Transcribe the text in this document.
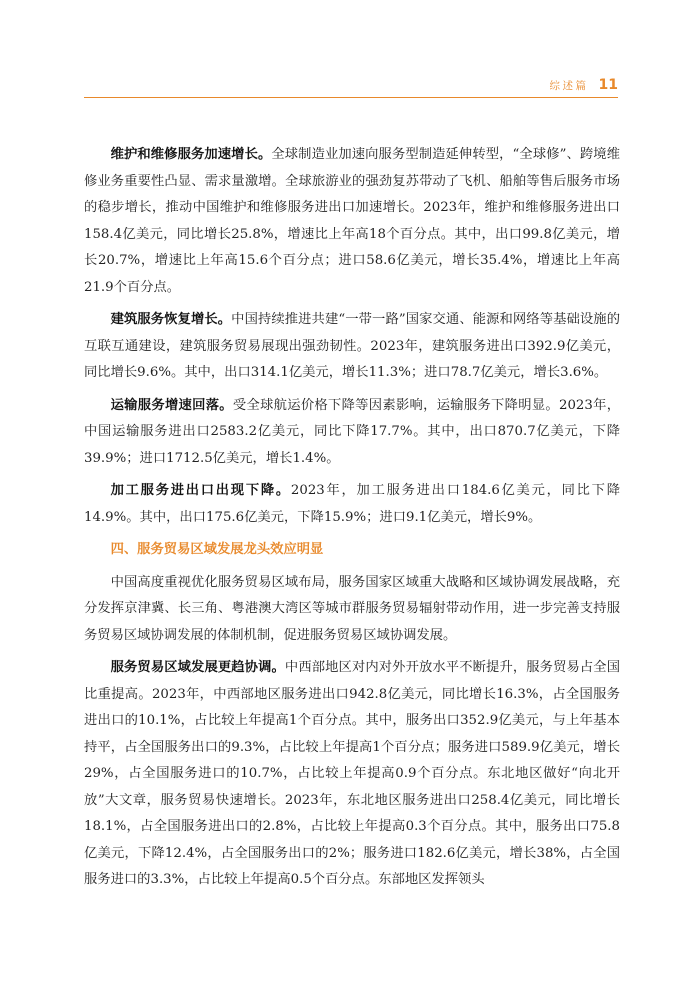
综述篇 11

维护和维修服务加速增长。全球制造业加速向服务型制造延伸转型，“全球修”、跨境维修业务重要性凸显、需求量激增。全球旅游业的强劲复苏带动了飞机、船舶等售后服务市场的稳步增长，推动中国维护和维修服务进出口加速增长。2023年，维护和维修服务进出口158.4亿美元，同比增长25.8%，增速比上年高18个百分点。其中，出口99.8亿美元，增长20.7%，增速比上年高15.6个百分点；进口58.6亿美元，增长35.4%，增速比上年高21.9个百分点。

建筑服务恢复增长。中国持续推进共建“一带一路”国家交通、能源和网络等基础设施的互联互通建设，建筑服务贸易展现出强劲韧性。2023年，建筑服务进出口392.9亿美元，同比增长9.6%。其中，出口314.1亿美元，增长11.3%；进口78.7亿美元，增长3.6%。

运输服务增速回落。受全球航运价格下降等因素影响，运输服务下降明显。2023年，中国运输服务进出口2583.2亿美元，同比下降17.7%。其中，出口870.7亿美元，下降39.9%；进口1712.5亿美元，增长1.4%。

加工服务进出口出现下降。2023年，加工服务进出口184.6亿美元，同比下降14.9%。其中，出口175.6亿美元，下降15.9%；进口9.1亿美元，增长9%。

四、服务贸易区域发展龙头效应明显

中国高度重视优化服务贸易区域布局，服务国家区域重大战略和区域协调发展战略，充分发挥京津冀、长三角、粤港澳大湾区等城市群服务贸易辐射带动作用，进一步完善支持服务贸易区域协调发展的体制机制，促进服务贸易区域协调发展。

服务贸易区域发展更趋协调。中西部地区对内对外开放水平不断提升，服务贸易占全国比重提高。2023年，中西部地区服务进出口942.8亿美元，同比增长16.3%，占全国服务进出口的10.1%，占比较上年提高1个百分点。其中，服务出口352.9亿美元，与上年基本持平，占全国服务出口的9.3%，占比较上年提高1个百分点；服务进口589.9亿美元，增长29%，占全国服务进口的10.7%，占比较上年提高0.9个百分点。东北地区做好“向北开放”大文章，服务贸易快速增长。2023年，东北地区服务进出口258.4亿美元，同比增长18.1%，占全国服务进出口的2.8%，占比较上年提高0.3个百分点。其中，服务出口75.8亿美元，下降12.4%，占全国服务出口的2%；服务进口182.6亿美元，增长38%，占全国服务进口的3.3%，占比较上年提高0.5个百分点。东部地区发挥领头
